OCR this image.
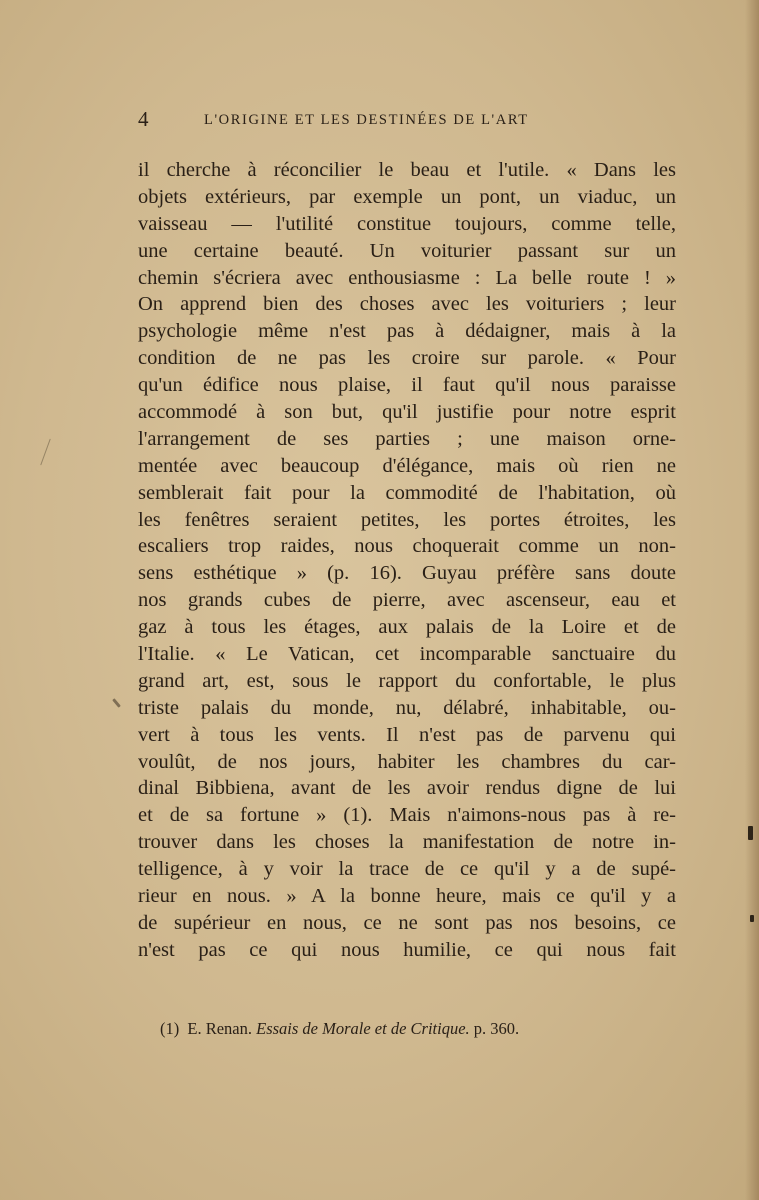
4	L'ORIGINE ET LES DESTINÉES DE L'ART
il cherche à réconcilier le beau et l'utile. « Dans les
objets extérieurs, par exemple un pont, un viaduc, un
vaisseau — l'utilité constitue toujours, comme telle,
une certaine beauté. Un voiturier passant sur un
chemin s'écriera avec enthousiasme : La belle route ! »
On apprend bien des choses avec les voituriers ; leur
psychologie même n'est pas à dédaigner, mais à la
condition de ne pas les croire sur parole. « Pour
qu'un édifice nous plaise, il faut qu'il nous paraisse
accommodé à son but, qu'il justifie pour notre esprit
l'arrangement de ses parties ; une maison orne-
mentée avec beaucoup d'élégance, mais où rien ne
semblerait fait pour la commodité de l'habitation, où
les fenêtres seraient petites, les portes étroites, les
escaliers trop raides, nous choquerait comme un non-
sens esthétique » (p. 16). Guyau préfère sans doute
nos grands cubes de pierre, avec ascenseur, eau et
gaz à tous les étages, aux palais de la Loire et de
l'Italie. « Le Vatican, cet incomparable sanctuaire du
grand art, est, sous le rapport du confortable, le plus
triste palais du monde, nu, délabré, inhabitable, ou-
vert à tous les vents. Il n'est pas de parvenu qui
voulût, de nos jours, habiter les chambres du car-
dinal Bibbiena, avant de les avoir rendus digne de lui
et de sa fortune » (1). Mais n'aimons-nous pas à re-
trouver dans les choses la manifestation de notre in-
telligence, à y voir la trace de ce qu'il y a de supé-
rieur en nous. » A la bonne heure, mais ce qu'il y a
de supérieur en nous, ce ne sont pas nos besoins, ce
n'est pas ce qui nous humilie, ce qui nous fait
(1) E. Renan. Essais de Morale et de Critique. p. 360.
